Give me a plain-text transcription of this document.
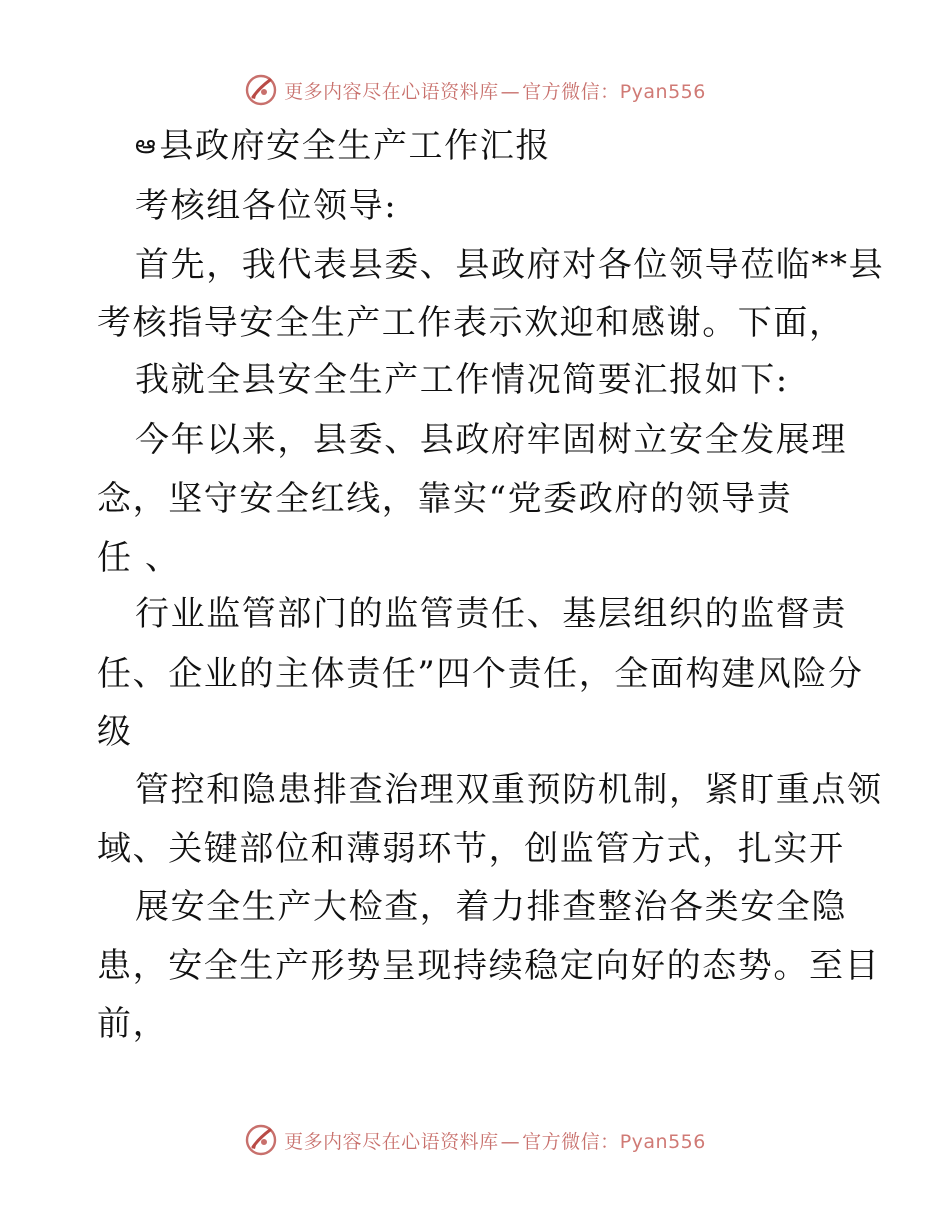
更多内容尽在心语资料库 — 官方微信：Pyan556
ఆ县政府安全生产工作汇报
考核组各位领导:
首先，我代表县委、县政府对各位领导莅临**县
考核指导安全生产工作表示欢迎和感谢。下面，
我就全县安全生产工作情况简要汇报如下:
今年以来，县委、县政府牢固树立安全发展理
念，坚守安全红线，靠实“党委政府的领导责
任 、
行业监管部门的监管责任、基层组织的监督责
任、企业的主体责任”四个责任，全面构建风险分
级
管控和隐患排查治理双重预防机制，紧盯重点领
域、关键部位和薄弱环节，创监管方式，扎实开
展安全生产大检查，着力排查整治各类安全隐
患，安全生产形势呈现持续稳定向好的态势。至目
前，
更多内容尽在心语资料库 — 官方微信：Pyan556
